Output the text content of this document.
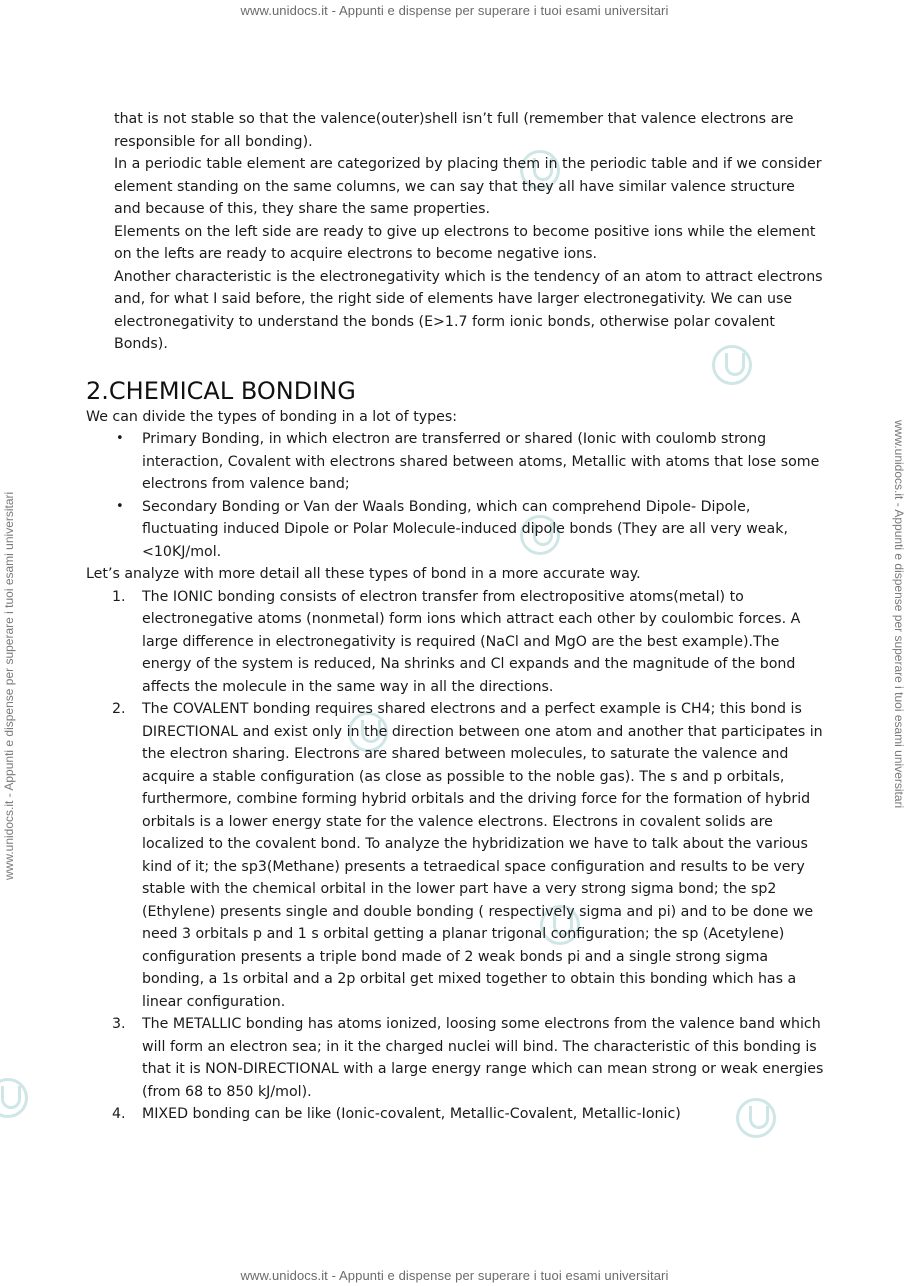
www.unidocs.it - Appunti e dispense per superare i tuoi esami universitari
www.unidocs.it - Appunti e dispense per superare i tuoi esami universitari	www.unidocs.it - Appunti e dispense per superare i tuoi esami universitari
that is not stable so that the valence(outer)shell isn’t full (remember that valence electrons are responsible for all bonding).
In a periodic table element are categorized by placing them in the periodic table and if we consider element standing on the same columns, we can say that they all have similar valence structure and because of this, they share the same properties.
Elements on the left side are ready to give up electrons to become positive ions while the element on the lefts are ready to acquire electrons to become negative ions.
Another characteristic is the electronegativity which is the tendency of an atom to attract electrons and, for what I said before, the right side of elements have larger electronegativity. We can use electronegativity to understand the bonds (E>1.7 form ionic bonds, otherwise polar covalent Bonds).
2.CHEMICAL BONDING

We can divide the types of bonding in a lot of types:

• Primary Bonding, in which electron are transferred or shared (Ionic with coulomb strong interaction, Covalent with electrons shared between atoms, Metallic with atoms that lose some electrons from valence band;
• Secondary Bonding or Van der Waals Bonding, which can comprehend Dipole- Dipole, fluctuating induced Dipole or Polar Molecule-induced dipole bonds (They are all very weak, <10KJ/mol.

Let’s analyze with more detail all these types of bond in a more accurate way.

1. The IONIC bonding consists of electron transfer from electropositive atoms(metal) to electronegative atoms (nonmetal) form ions which attract each other by coulombic forces. A large difference in electronegativity is required (NaCl and MgO are the best example).The energy of the system is reduced, Na shrinks and Cl expands and the magnitude of the bond affects the molecule in the same way in all the directions.
2. The COVALENT bonding requires shared electrons and a perfect example is CH4; this bond is DIRECTIONAL and exist only in the direction between one atom and another that participates in the electron sharing. Electrons are shared between molecules, to saturate the valence and acquire a stable configuration (as close as possible to the noble gas). The s and p orbitals, furthermore, combine forming hybrid orbitals and the driving force for the formation of hybrid orbitals is a lower energy state for the valence electrons. Electrons in covalent solids are localized to the covalent bond. To analyze the hybridization we have to talk about the various kind of it; the sp3(Methane) presents a tetraedical space configuration and results to be very stable with the chemical orbital in the lower part have a very strong sigma bond; the sp2 (Ethylene) presents single and double bonding ( respectively sigma and pi) and to be done we need 3 orbitals p and 1 s orbital getting a planar trigonal configuration; the sp (Acetylene) configuration presents a triple bond made of 2 weak bonds pi and a single strong sigma bonding, a 1s orbital and a 2p orbital get mixed together to obtain this bonding which has a linear configuration.
3. The METALLIC bonding has atoms ionized, loosing some electrons from the valence band which will form an electron sea; in it the charged nuclei will bind. The characteristic of this bonding is that it is NON-DIRECTIONAL with a large energy range which can mean strong or weak energies (from 68 to 850 kJ/mol).
4. MIXED bonding can be like (Ionic-covalent, Metallic-Covalent, Metallic-Ionic)
www.unidocs.it - Appunti e dispense per superare i tuoi esami universitari
